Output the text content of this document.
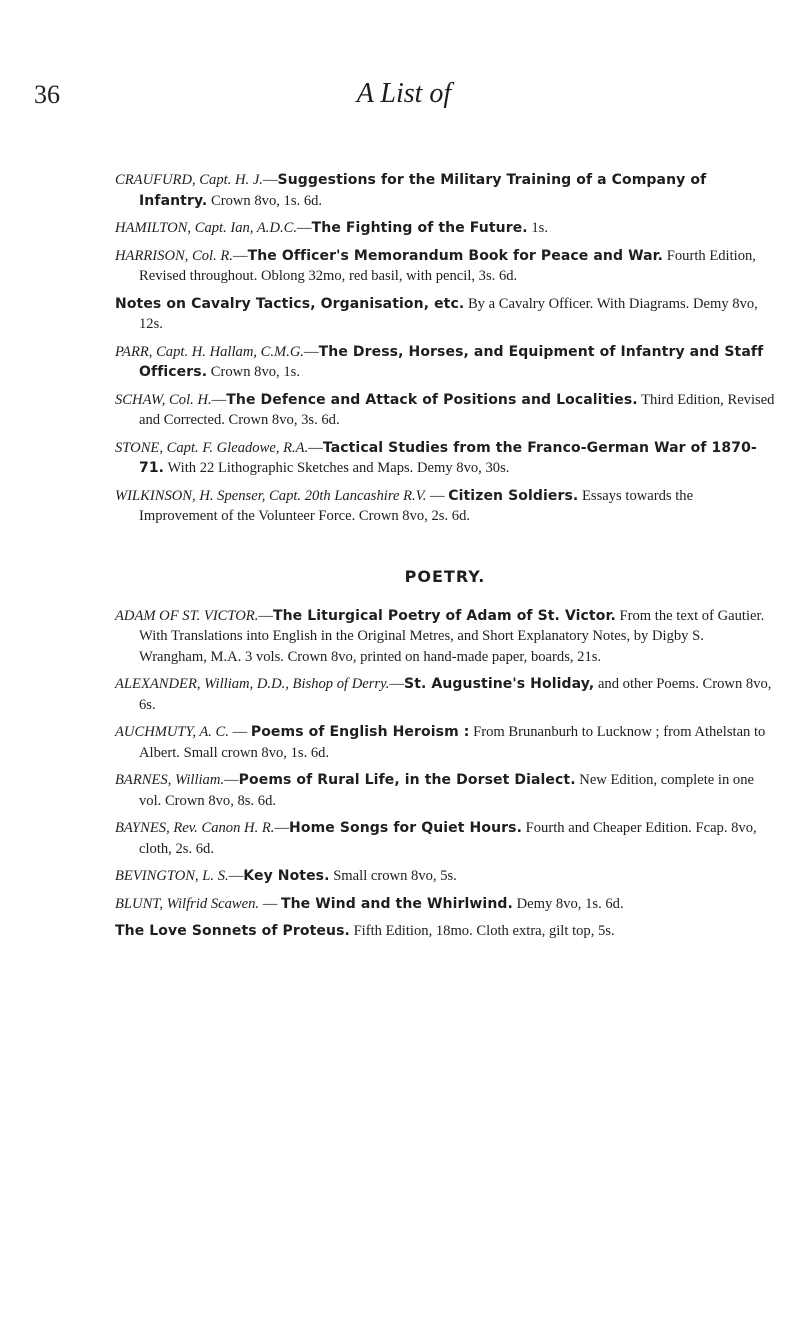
36	A List of

CRAUFURD, Capt. H. J.—Suggestions for the Military Training of a Company of Infantry. Crown 8vo, 1s. 6d.

HAMILTON, Capt. Ian, A.D.C.—The Fighting of the Future. 1s.

HARRISON, Col. R.—The Officer's Memorandum Book for Peace and War. Fourth Edition, Revised throughout. Oblong 32mo, red basil, with pencil, 3s. 6d.

Notes on Cavalry Tactics, Organisation, etc. By a Cavalry Officer. With Diagrams. Demy 8vo, 12s.

PARR, Capt. H. Hallam, C.M.G.—The Dress, Horses, and Equipment of Infantry and Staff Officers. Crown 8vo, 1s.

SCHAW, Col. H.—The Defence and Attack of Positions and Localities. Third Edition, Revised and Corrected. Crown 8vo, 3s. 6d.

STONE, Capt. F. Gleadowe, R.A.—Tactical Studies from the Franco-German War of 1870-71. With 22 Lithographic Sketches and Maps. Demy 8vo, 30s.

WILKINSON, H. Spenser, Capt. 20th Lancashire R.V. — Citizen Soldiers. Essays towards the Improvement of the Volunteer Force. Crown 8vo, 2s. 6d.

POETRY.

ADAM OF ST. VICTOR.—The Liturgical Poetry of Adam of St. Victor. From the text of Gautier. With Translations into English in the Original Metres, and Short Explanatory Notes, by Digby S. Wrangham, M.A. 3 vols. Crown 8vo, printed on hand-made paper, boards, 21s.

ALEXANDER, William, D.D., Bishop of Derry.—St. Augustine's Holiday, and other Poems. Crown 8vo, 6s.

AUCHMUTY, A. C. — Poems of English Heroism : From Brunanburh to Lucknow ; from Athelstan to Albert. Small crown 8vo, 1s. 6d.

BARNES, William.—Poems of Rural Life, in the Dorset Dialect. New Edition, complete in one vol. Crown 8vo, 8s. 6d.

BAYNES, Rev. Canon H. R.—Home Songs for Quiet Hours. Fourth and Cheaper Edition. Fcap. 8vo, cloth, 2s. 6d.

BEVINGTON, L. S.—Key Notes. Small crown 8vo, 5s.

BLUNT, Wilfrid Scawen. — The Wind and the Whirlwind. Demy 8vo, 1s. 6d.

The Love Sonnets of Proteus. Fifth Edition, 18mo. Cloth extra, gilt top, 5s.
